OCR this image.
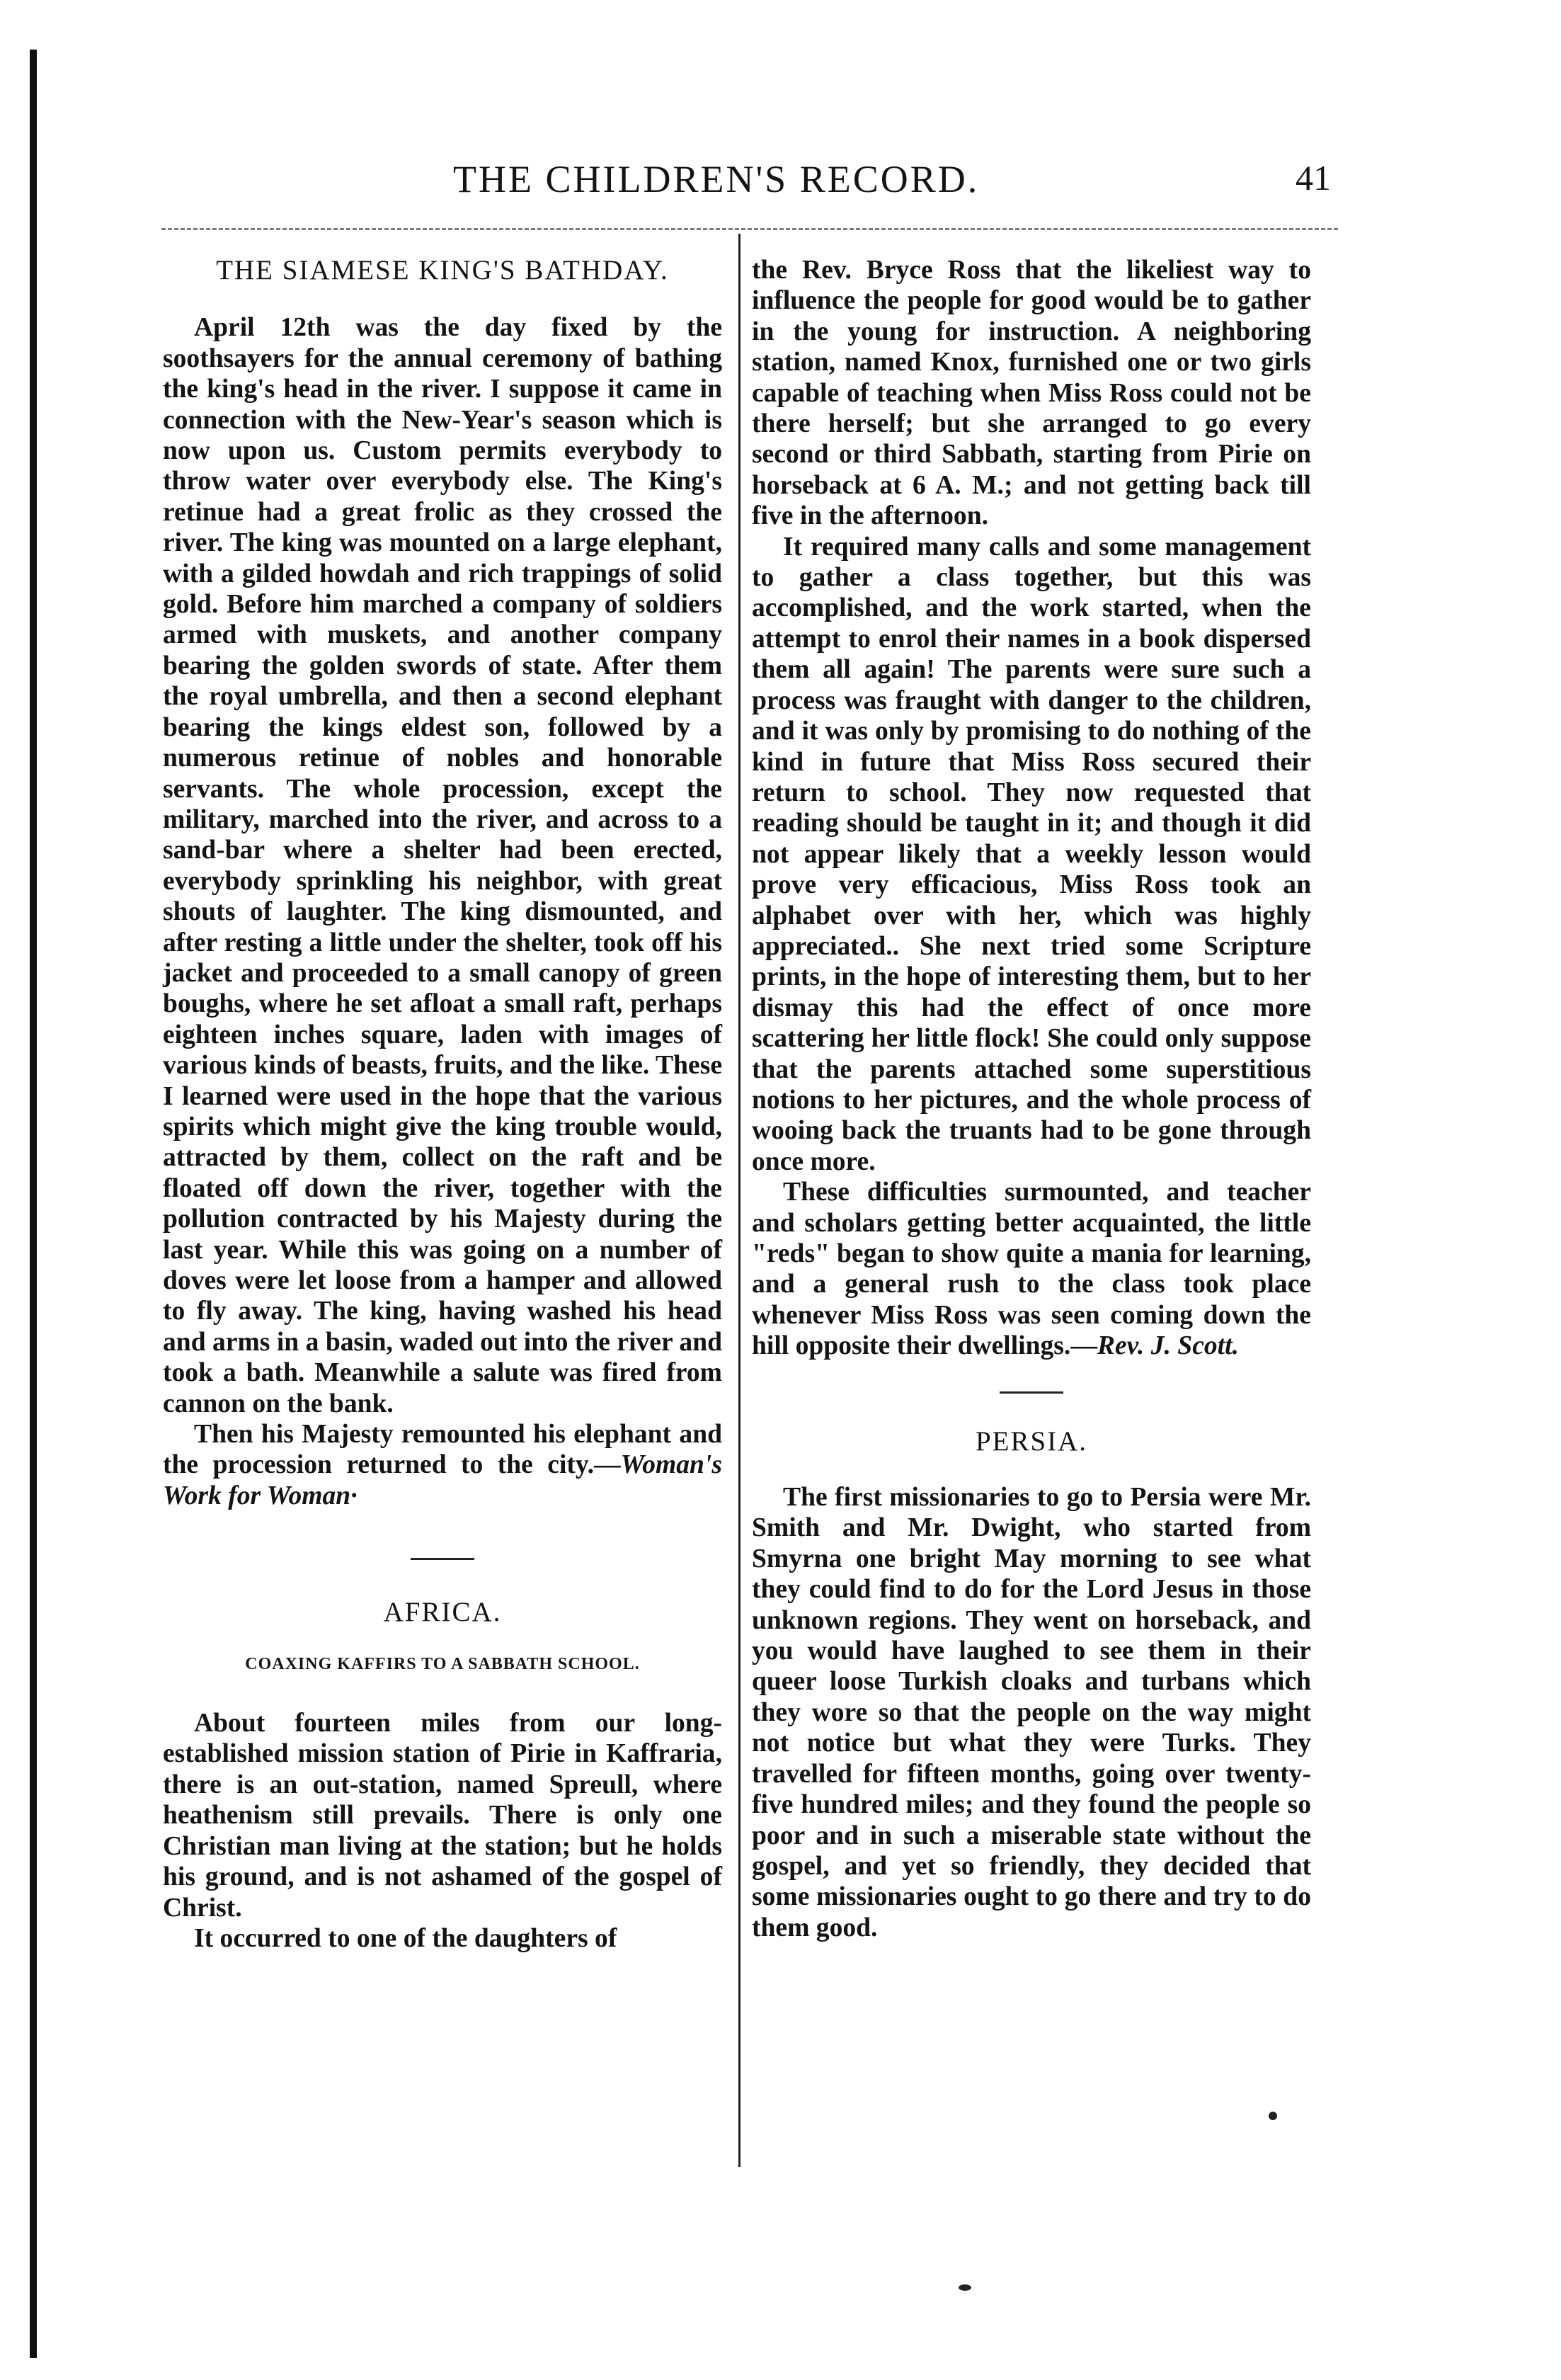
THE CHILDREN'S RECORD.	41
THE SIAMESE KING'S BATHDAY.

April 12th was the day fixed by the soothsayers for the annual ceremony of bathing the king's head in the river. I suppose it came in connection with the New-Year's season which is now upon us. Custom permits everybody to throw water over everybody else. The King's retinue had a great frolic as they crossed the river. The king was mounted on a large elephant, with a gilded howdah and rich trappings of solid gold. Before him marched a company of soldiers armed with muskets, and another company bearing the golden swords of state. After them the royal umbrella, and then a second elephant bearing the kings eldest son, followed by a numerous retinue of nobles and honorable servants. The whole procession, except the military, marched into the river, and across to a sand-bar where a shelter had been erected, everybody sprinkling his neighbor, with great shouts of laughter. The king dismounted, and after resting a little under the shelter, took off his jacket and proceeded to a small canopy of green boughs, where he set afloat a small raft, perhaps eighteen inches square, laden with images of various kinds of beasts, fruits, and the like. These I learned were used in the hope that the various spirits which might give the king trouble would, attracted by them, collect on the raft and be floated off down the river, together with the pollution contracted by his Majesty during the last year. While this was going on a number of doves were let loose from a hamper and allowed to fly away. The king, having washed his head and arms in a basin, waded out into the river and took a bath. Meanwhile a salute was fired from cannon on the bank.

Then his Majesty remounted his elephant and the procession returned to the city.—Woman's Work for Woman·

AFRICA.
COAXING KAFFIRS TO A SABBATH SCHOOL.

About fourteen miles from our long-established mission station of Pirie in Kaffraria, there is an out-station, named Spreull, where heathenism still prevails. There is only one Christian man living at the station; but he holds his ground, and is not ashamed of the gospel of Christ.

It occurred to one of the daughters of

the Rev. Bryce Ross that the likeliest way to influence the people for good would be to gather in the young for instruction. A neighboring station, named Knox, furnished one or two girls capable of teaching when Miss Ross could not be there herself; but she arranged to go every second or third Sabbath, starting from Pirie on horseback at 6 A. M.; and not getting back till five in the afternoon.

It required many calls and some management to gather a class together, but this was accomplished, and the work started, when the attempt to enrol their names in a book dispersed them all again! The parents were sure such a process was fraught with danger to the children, and it was only by promising to do nothing of the kind in future that Miss Ross secured their return to school. They now requested that reading should be taught in it; and though it did not appear likely that a weekly lesson would prove very efficacious, Miss Ross took an alphabet over with her, which was highly appreciated.. She next tried some Scripture prints, in the hope of interesting them, but to her dismay this had the effect of once more scattering her little flock! She could only suppose that the parents attached some superstitious notions to her pictures, and the whole process of wooing back the truants had to be gone through once more.

These difficulties surmounted, and teacher and scholars getting better acquainted, the little "reds" began to show quite a mania for learning, and a general rush to the class took place whenever Miss Ross was seen coming down the hill opposite their dwellings.—Rev. J. Scott.

PERSIA.

The first missionaries to go to Persia were Mr. Smith and Mr. Dwight, who started from Smyrna one bright May morning to see what they could find to do for the Lord Jesus in those unknown regions. They went on horseback, and you would have laughed to see them in their queer loose Turkish cloaks and turbans which they wore so that the people on the way might not notice but what they were Turks. They travelled for fifteen months, going over twenty-five hundred miles; and they found the people so poor and in such a miserable state without the gospel, and yet so friendly, they decided that some missionaries ought to go there and try to do them good.
